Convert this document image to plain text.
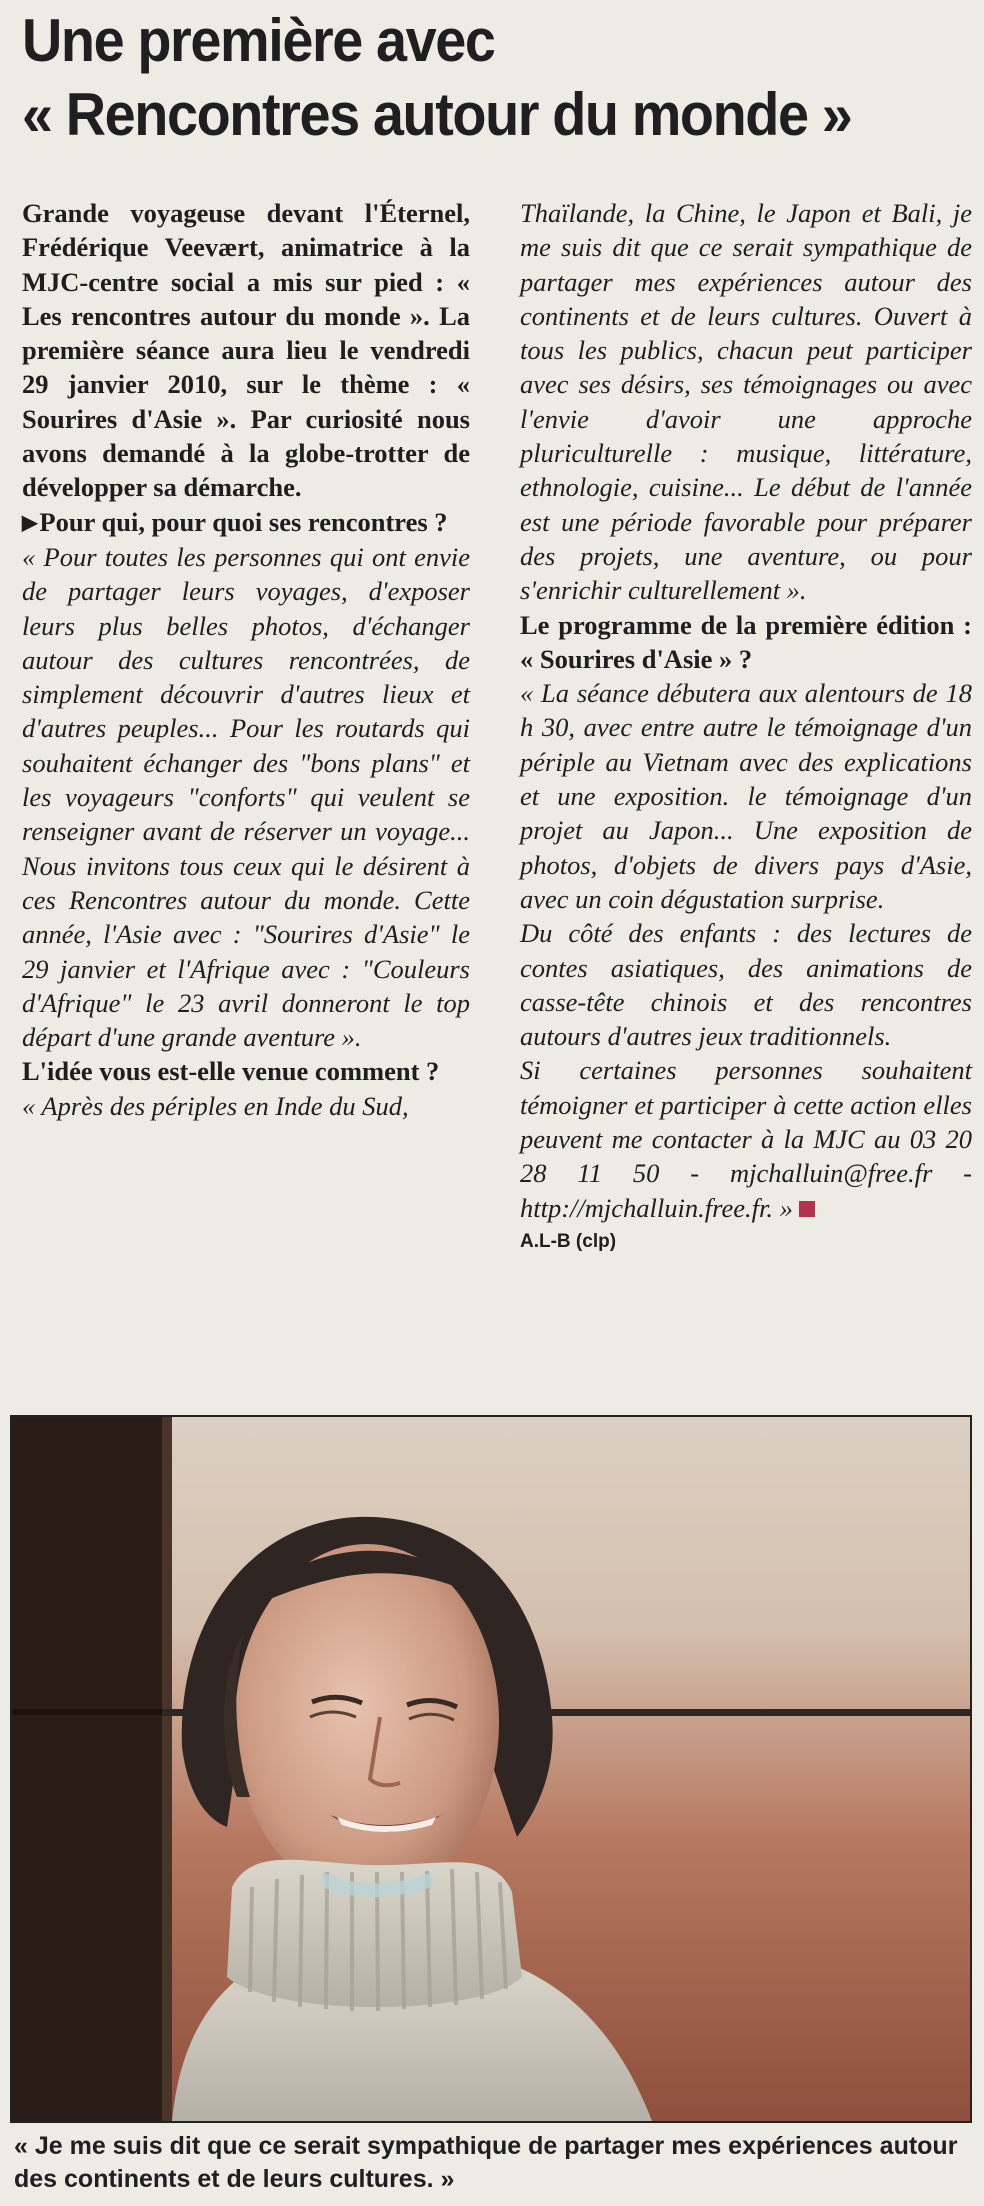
Une première avec
« Rencontres autour du monde »

Grande voyageuse devant l'Éternel, Frédérique Veevært, animatrice à la MJC-centre social a mis sur pied : « Les rencontres autour du monde ». La première séance aura lieu le vendredi 29 janvier 2010, sur le thème : « Sourires d'Asie ». Par curiosité nous avons demandé à la globe-trotter de développer sa démarche.

▶Pour qui, pour quoi ses rencontres ?

« Pour toutes les personnes qui ont envie de partager leurs voyages, d'exposer leurs plus belles photos, d'échanger autour des cultures rencontrées, de simplement découvrir d'autres lieux et d'autres peuples... Pour les routards qui souhaitent échanger des "bons plans" et les voyageurs "conforts" qui veulent se renseigner avant de réserver un voyage... Nous invitons tous ceux qui le désirent à ces Rencontres autour du monde. Cette année, l'Asie avec : "Sourires d'Asie" le 29 janvier et l'Afrique avec : "Couleurs d'Afrique" le 23 avril donneront le top départ d'une grande aventure ».

L'idée vous est-elle venue comment ?

« Après des périples en Inde du Sud,

Thaïlande, la Chine, le Japon et Bali, je me suis dit que ce serait sympathique de partager mes expériences autour des continents et de leurs cultures. Ouvert à tous les publics, chacun peut participer avec ses désirs, ses témoignages ou avec l'envie d'avoir une approche pluriculturelle : musique, littérature, ethnologie, cuisine... Le début de l'année est une période favorable pour préparer des projets, une aventure, ou pour s'enrichir culturellement ».

Le programme de la première édition : « Sourires d'Asie » ?

« La séance débutera aux alentours de 18 h 30, avec entre autre le témoignage d'un périple au Vietnam avec des explications et une exposition. le témoignage d'un projet au Japon... Une exposition de photos, d'objets de divers pays d'Asie, avec un coin dégustation surprise.

Du côté des enfants : des lectures de contes asiatiques, des animations de casse-tête chinois et des rencontres autours d'autres jeux traditionnels.

Si certaines personnes souhaitent témoigner et participer à cette action elles peuvent me contacter à la MJC au 03 20 28 11 50 - mjchalluin@free.fr - http://mjchalluin.free.fr. »

A.L-B (clp)

« Je me suis dit que ce serait sympathique de partager mes expériences autour des continents et de leurs cultures. »
